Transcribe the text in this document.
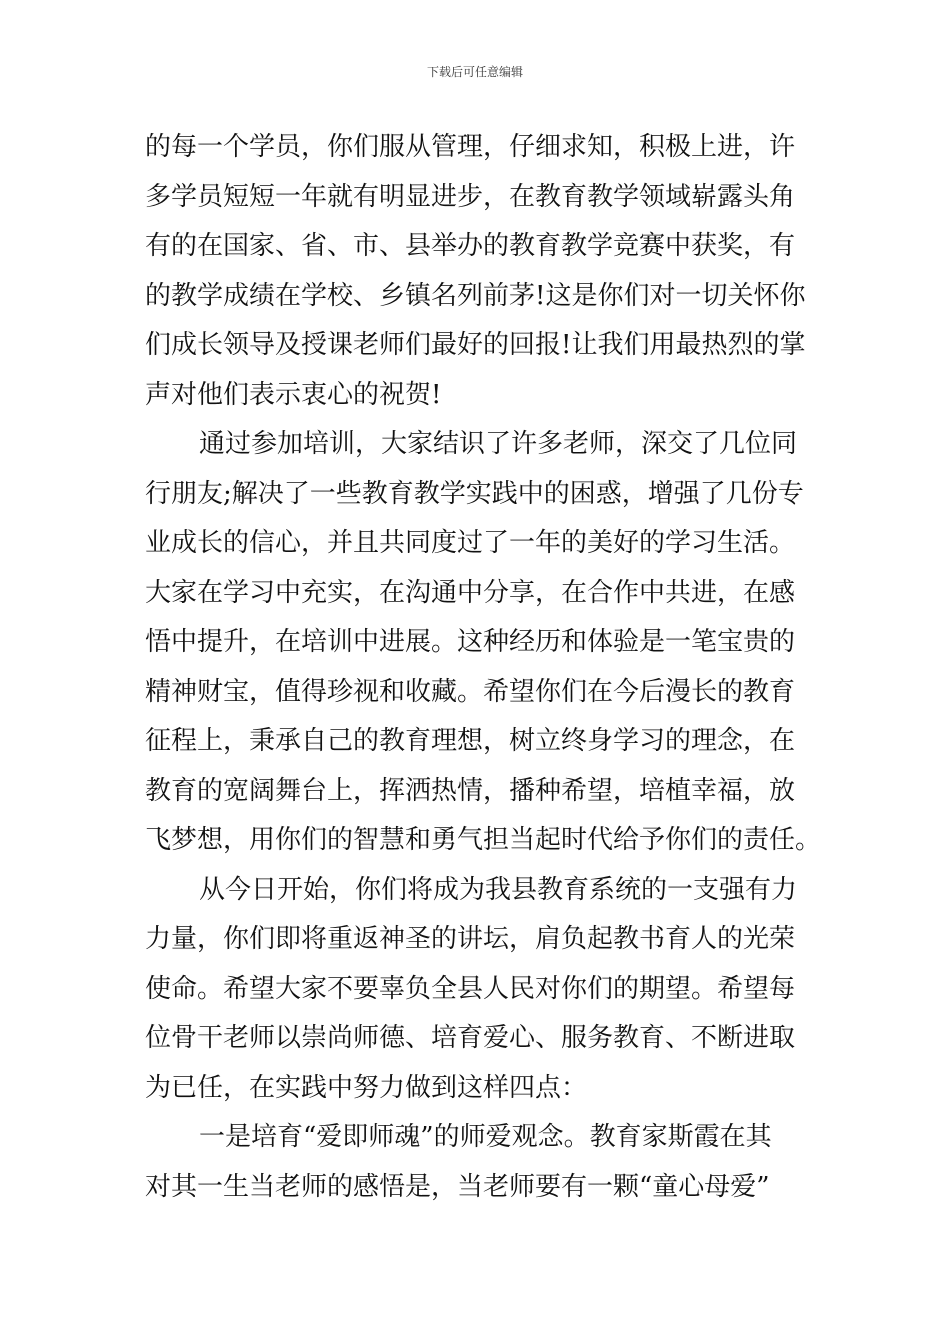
下载后可任意编辑
的每一个学员，你们服从管理，仔细求知，积极上进，许
多学员短短一年就有明显进步，在教育教学领域崭露头角
有的在国家、省、市、县举办的教育教学竞赛中获奖，有
的教学成绩在学校、乡镇名列前茅!这是你们对一切关怀你
们成长领导及授课老师们最好的回报!让我们用最热烈的掌
声对他们表示衷心的祝贺!
通过参加培训，大家结识了许多老师，深交了几位同
行朋友;解决了一些教育教学实践中的困惑，增强了几份专
业成长的信心，并且共同度过了一年的美好的学习生活。
大家在学习中充实，在沟通中分享，在合作中共进，在感
悟中提升，在培训中进展。这种经历和体验是一笔宝贵的
精神财宝，值得珍视和收藏。希望你们在今后漫长的教育
征程上，秉承自己的教育理想，树立终身学习的理念，在
教育的宽阔舞台上，挥洒热情，播种希望，培植幸福，放
飞梦想，用你们的智慧和勇气担当起时代给予你们的责任。
从今日开始，你们将成为我县教育系统的一支强有力
力量，你们即将重返神圣的讲坛，肩负起教书育人的光荣
使命。希望大家不要辜负全县人民对你们的期望。希望每
位骨干老师以崇尚师德、培育爱心、服务教育、不断进取
为已任，在实践中努力做到这样四点：
一是培育“爱即师魂”的师爱观念。教育家斯霞在其
对其一生当老师的感悟是，当老师要有一颗“童心母爱”
